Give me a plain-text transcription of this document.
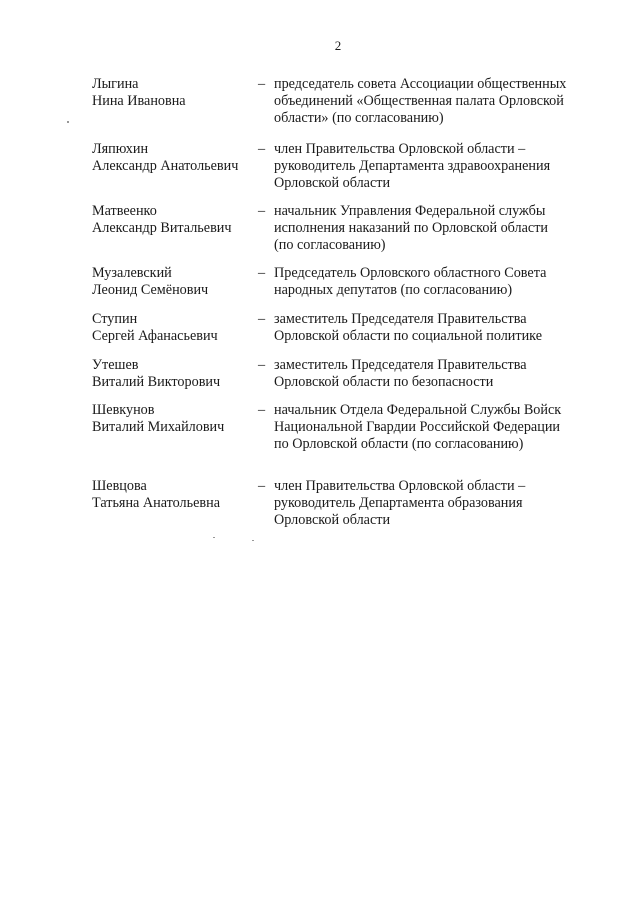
2
Лыгина
Нина Ивановна
– председатель совета Ассоциации общественных
объединений «Общественная палата Орловской
области» (по согласованию)
Ляпюхин
Александр Анатольевич
– член Правительства Орловской области –
руководитель Департамента здравоохранения
Орловской области
Матвеенко
Александр Витальевич
– начальник Управления Федеральной службы
исполнения наказаний по Орловской области
(по согласованию)
Музалевский
Леонид Семёнович
– Председатель Орловского областного Совета
народных депутатов (по согласованию)
Ступин
Сергей Афанасьевич
– заместитель Председателя Правительства
Орловской области по социальной политике
Утешев
Виталий Викторович
– заместитель Председателя Правительства
Орловской области по безопасности
Шевкунов
Виталий Михайлович
– начальник Отдела Федеральной Службы Войск
Национальной Гвардии Российской Федерации
по Орловской области (по согласованию)
Шевцова
Татьяна Анатольевна
– член Правительства Орловской области –
руководитель Департамента образования
Орловской области
